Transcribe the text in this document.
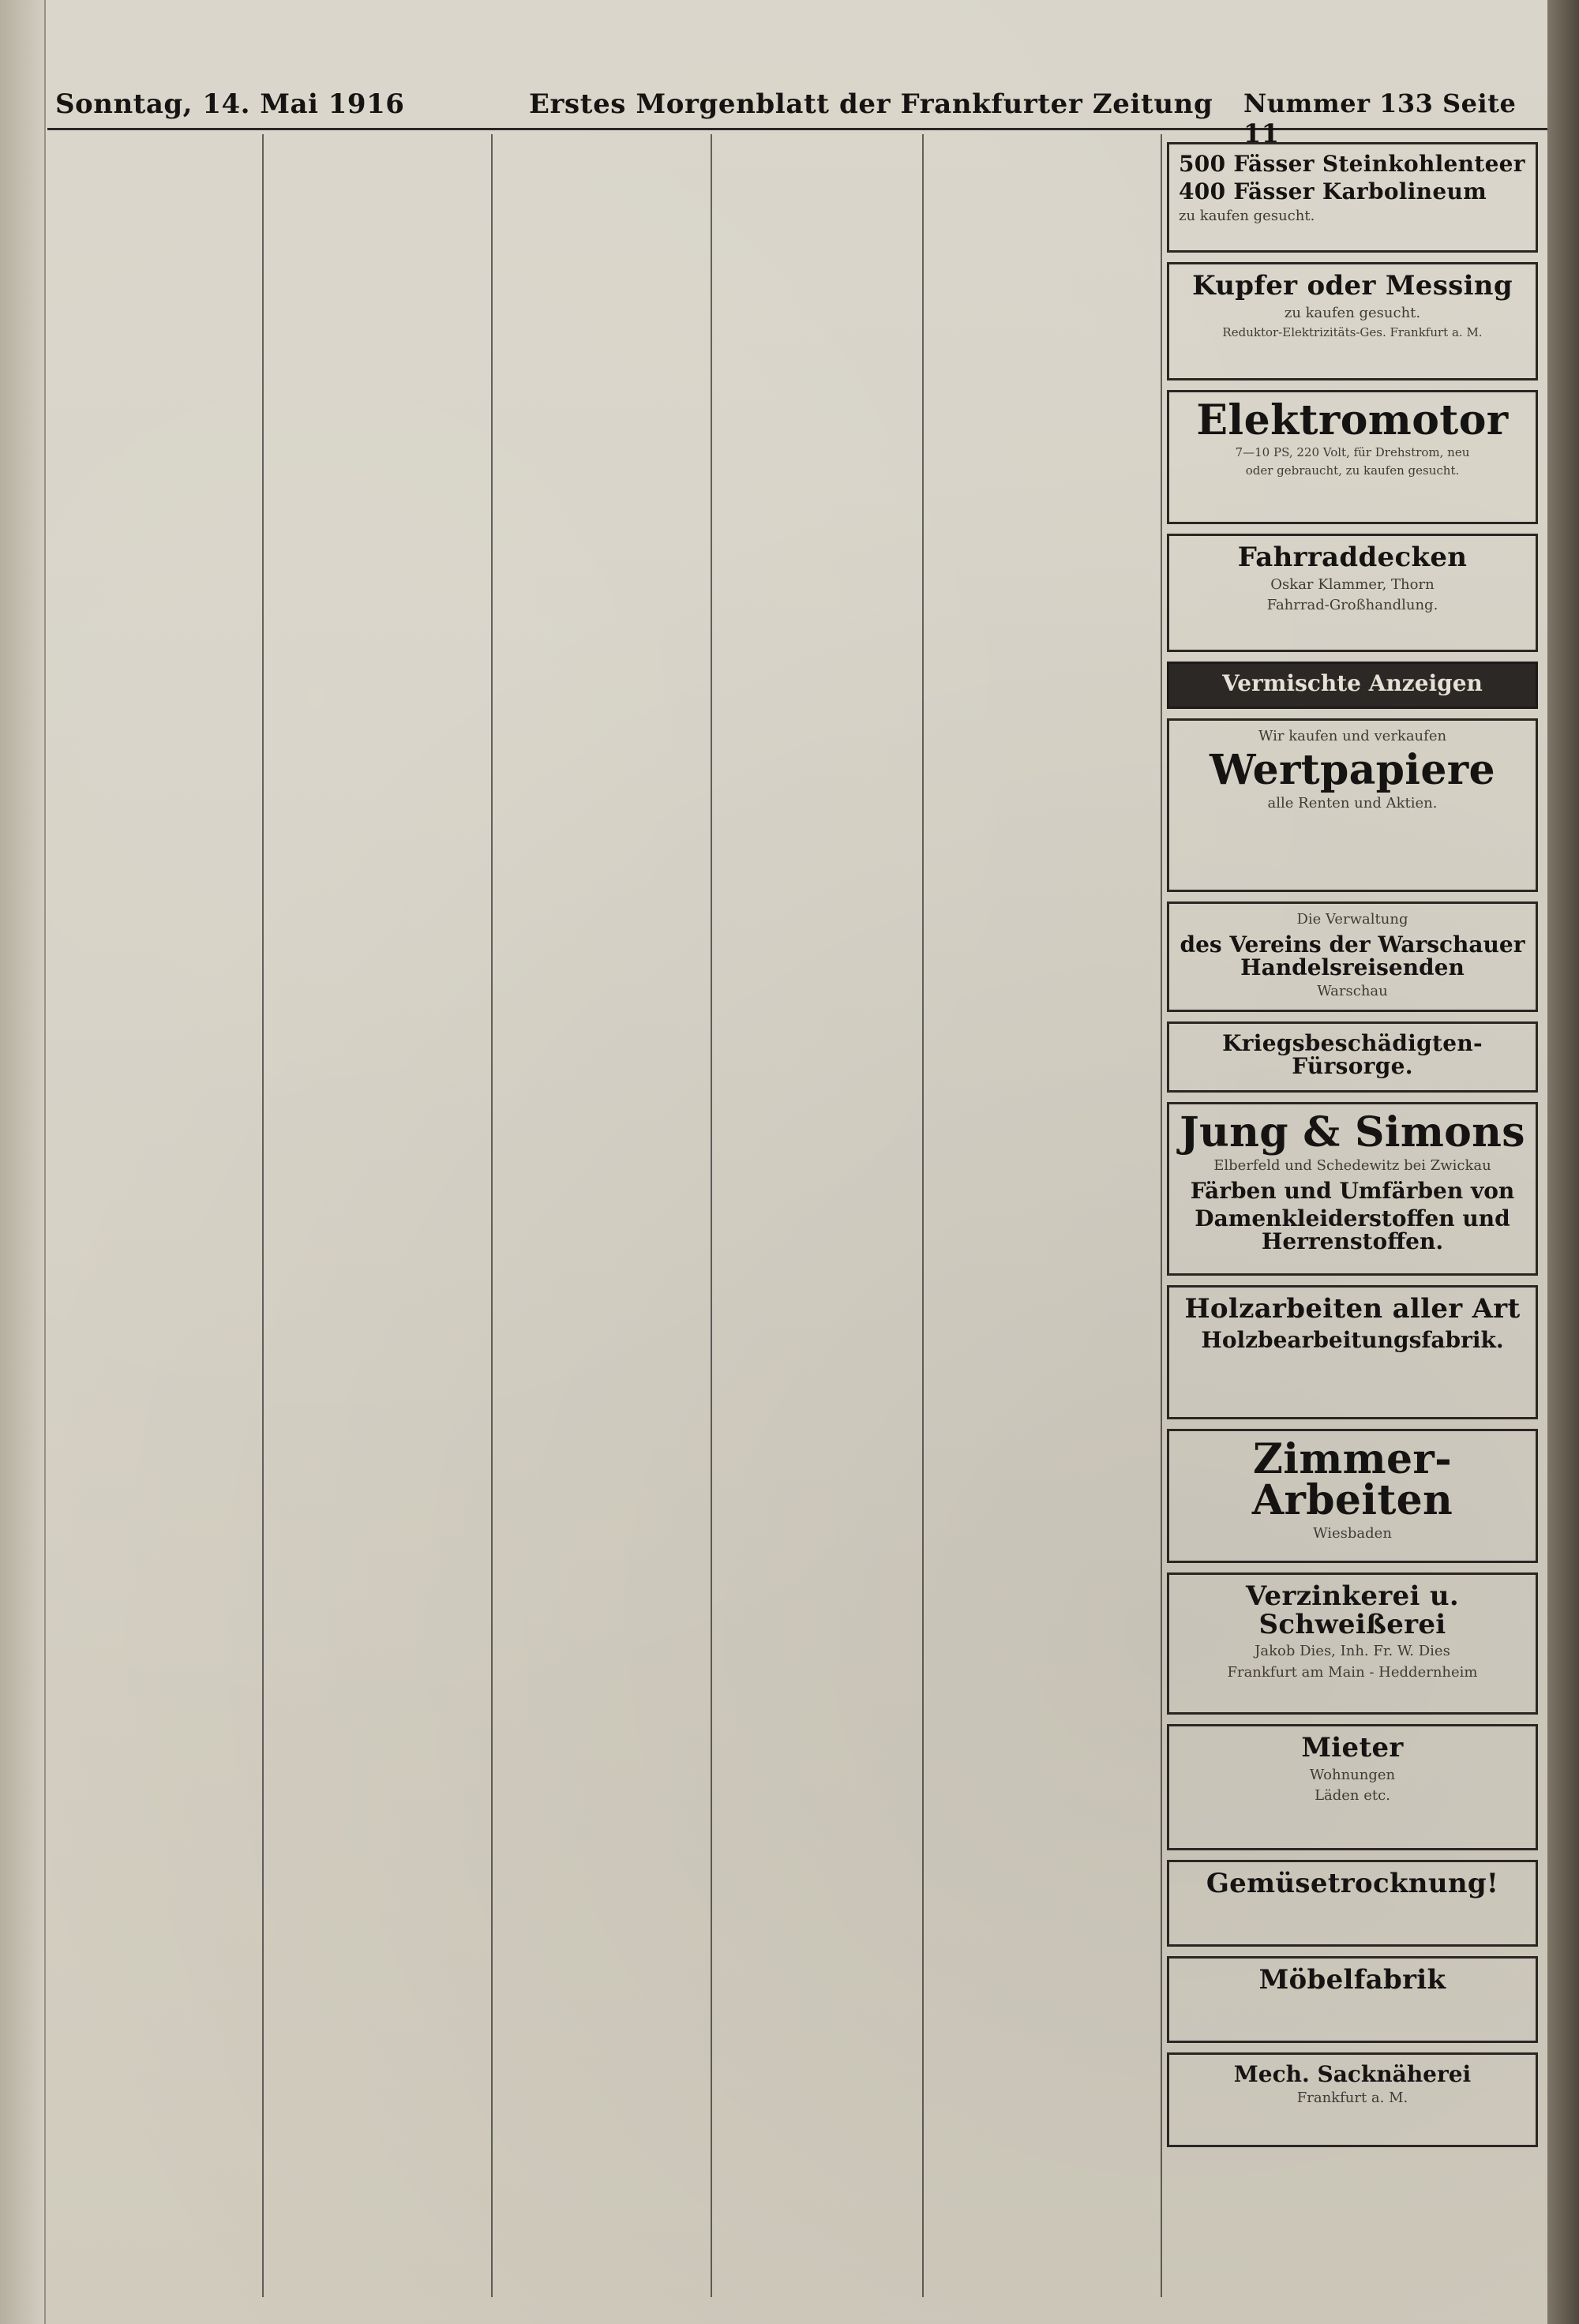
Sonntag, 14. Mai 1916	Erstes Morgenblatt der Frankfurter Zeitung Nummer 133 Seite 11
500 Fässer Steinkohlenteer
400 Fässer Karbolineum
zu kaufen gesucht.
Kupfer oder Messing
zu kaufen gesucht.
Reduktor-Elektrizitäts-Ges. Frankfurt a. M.
Elektromotor
7—10 PS, 220 Volt, für Drehstrom, neu
oder gebraucht, zu kaufen gesucht.
Fahrraddecken
Oskar Klammer, Thorn
Fahrrad-Großhandlung.
Vermischte Anzeigen
Wir kaufen und verkaufen
Wertpapiere
alle Renten und Aktien.
Die Verwaltung
des Vereins der Warschauer Handelsreisenden
Warschau
Kriegsbeschädigten-Fürsorge.
Jung & Simons
Elberfeld und Schedewitz bei Zwickau
Färben und Umfärben von
Damenkleiderstoffen und Herrenstoffen.
Holzarbeiten aller Art
Holzbearbeitungsfabrik.
Zimmer-Arbeiten
Wiesbaden
Verzinkerei u. Schweißerei
Jakob Dies, Inh. Fr. W. Dies
Frankfurt am Main - Heddernheim
Mieter
Wohnungen
Läden etc.
Gemüsetrocknung!
Möbelfabrik
Mech. Sacknäherei
Frankfurt a. M.
